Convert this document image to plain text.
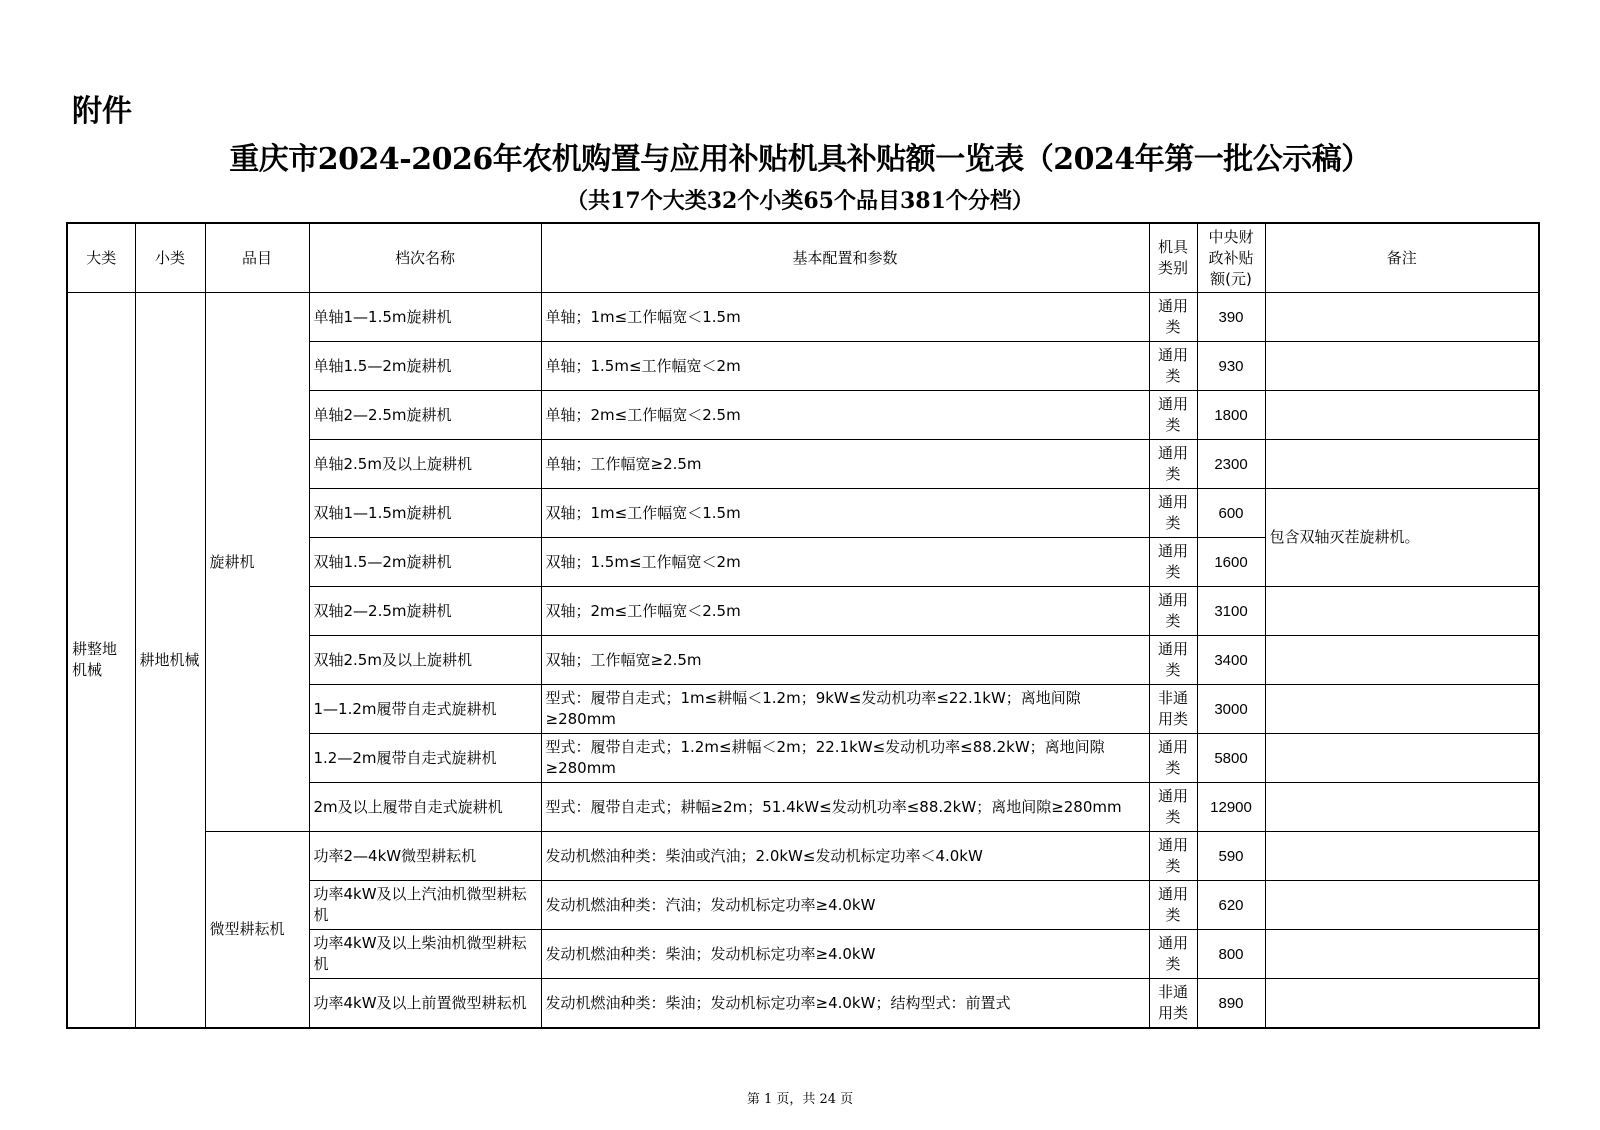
附件
重庆市2024-2026年农机购置与应用补贴机具补贴额一览表（2024年第一批公示稿）
（共17个大类32个小类65个品目381个分档）
大类	小类	品目	档次名称	基本配置和参数	机具类别	中央财政补贴额(元)	备注
耕整地机械	耕地机械	旋耕机	单轴1—1.5m旋耕机	单轴；1m≤工作幅宽＜1.5m	通用类	390	
			单轴1.5—2m旋耕机	单轴；1.5m≤工作幅宽＜2m	通用类	930	
			单轴2—2.5m旋耕机	单轴；2m≤工作幅宽＜2.5m	通用类	1800	
			单轴2.5m及以上旋耕机	单轴；工作幅宽≥2.5m	通用类	2300	
			双轴1—1.5m旋耕机	双轴；1m≤工作幅宽＜1.5m	通用类	600	包含双轴灭茬旋耕机。
			双轴1.5—2m旋耕机	双轴；1.5m≤工作幅宽＜2m	通用类	1600	
			双轴2—2.5m旋耕机	双轴；2m≤工作幅宽＜2.5m	通用类	3100	
			双轴2.5m及以上旋耕机	双轴；工作幅宽≥2.5m	通用类	3400	
			1—1.2m履带自走式旋耕机	型式：履带自走式；1m≤耕幅＜1.2m；9kW≤发动机功率≤22.1kW；离地间隙≥280mm	非通用类	3000	
			1.2—2m履带自走式旋耕机	型式：履带自走式；1.2m≤耕幅＜2m；22.1kW≤发动机功率≤88.2kW；离地间隙≥280mm	通用类	5800	
			2m及以上履带自走式旋耕机	型式：履带自走式；耕幅≥2m；51.4kW≤发动机功率≤88.2kW；离地间隙≥280mm	通用类	12900	
		微型耕耘机	功率2—4kW微型耕耘机	发动机燃油种类：柴油或汽油；2.0kW≤发动机标定功率＜4.0kW	通用类	590	
			功率4kW及以上汽油机微型耕耘机	发动机燃油种类：汽油；发动机标定功率≥4.0kW	通用类	620	
			功率4kW及以上柴油机微型耕耘机	发动机燃油种类：柴油；发动机标定功率≥4.0kW	通用类	800	
			功率4kW及以上前置微型耕耘机	发动机燃油种类：柴油；发动机标定功率≥4.0kW；结构型式：前置式	非通用类	890	
第 1 页，共 24 页
